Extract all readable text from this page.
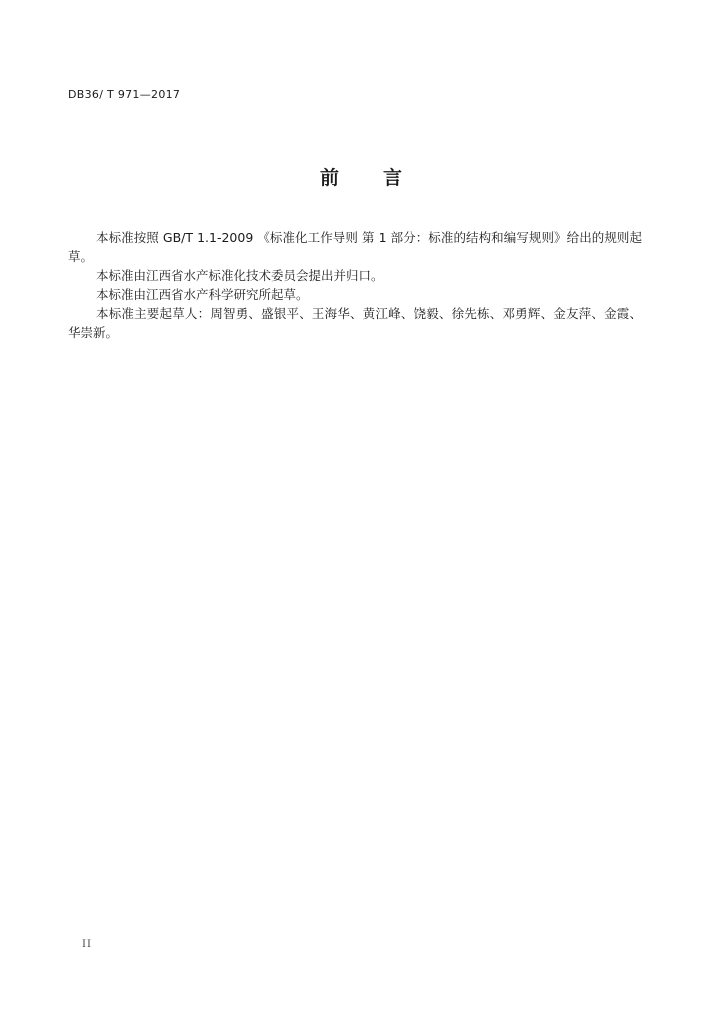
DB36/ T 971—2017
前　　言

本标准按照 GB/T 1.1-2009 《标准化工作导则 第 1 部分：标准的结构和编写规则》给出的规则起草。

本标准由江西省水产标准化技术委员会提出并归口。

本标准由江西省水产科学研究所起草。

本标准主要起草人：周智勇、盛银平、王海华、黄江峰、饶毅、徐先栋、邓勇辉、金友萍、金霞、华崇新。

II
